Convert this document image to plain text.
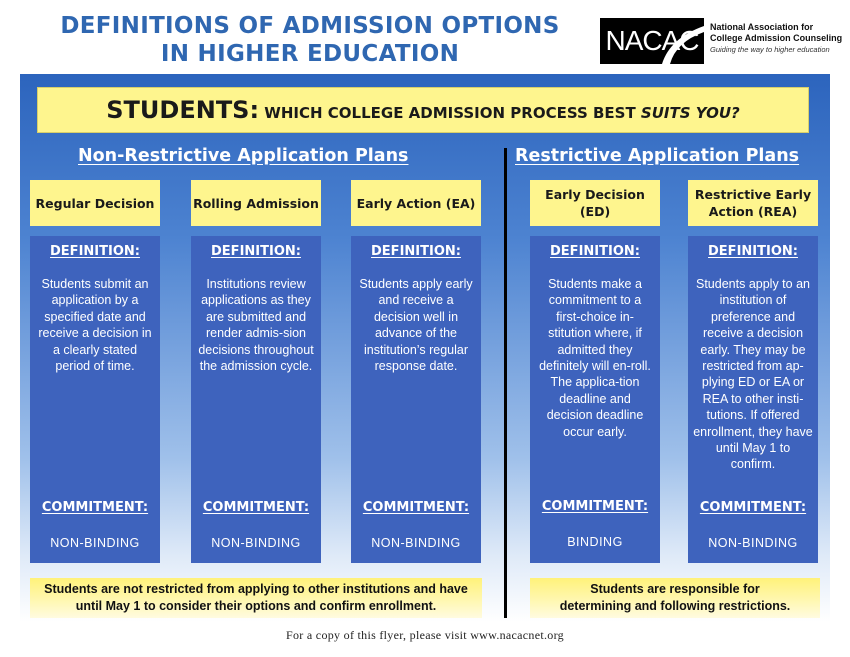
DEFINITIONS OF ADMISSION OPTIONS
IN HIGHER EDUCATION	NACAC	National Association for
College Admission Counseling
Guiding the way to higher education
STUDENTS: WHICH COLLEGE ADMISSION PROCESS BEST SUITS YOU?
Non-Restrictive Application Plans	Restrictive Application Plans
Regular Decision	Rolling Admission	Early Action (EA)
Early Decision (ED)
Restrictive Early Action (REA)
DEFINITION:
Students submit an application by a specified date and receive a decision in a clearly stated period of time.
COMMITMENT:
NON-BINDING
DEFINITION:
Institutions review applications as they are submitted and render admis-sion decisions throughout the admission cycle.
COMMITMENT:
NON-BINDING
DEFINITION:
Students apply early and receive a decision well in advance of the institution’s regular response date.
COMMITMENT:
NON-BINDING
DEFINITION:
Students make a commitment to a first-choice in-stitution where, if admitted they definitely will en-roll. The applica-tion deadline and decision deadline occur early.
COMMITMENT:
BINDING
DEFINITION:
Students apply to an institution of preference and receive a decision early. They may be restricted from ap-plying ED or EA or REA to other insti-tutions. If offered enrollment, they have until May 1 to confirm.
COMMITMENT:
NON-BINDING
Students are not restricted from applying to other institutions and have until May 1 to consider their options and confirm enrollment.
Students are responsible for determining and following restrictions.
For a copy of this flyer, please visit www.nacacnet.org
